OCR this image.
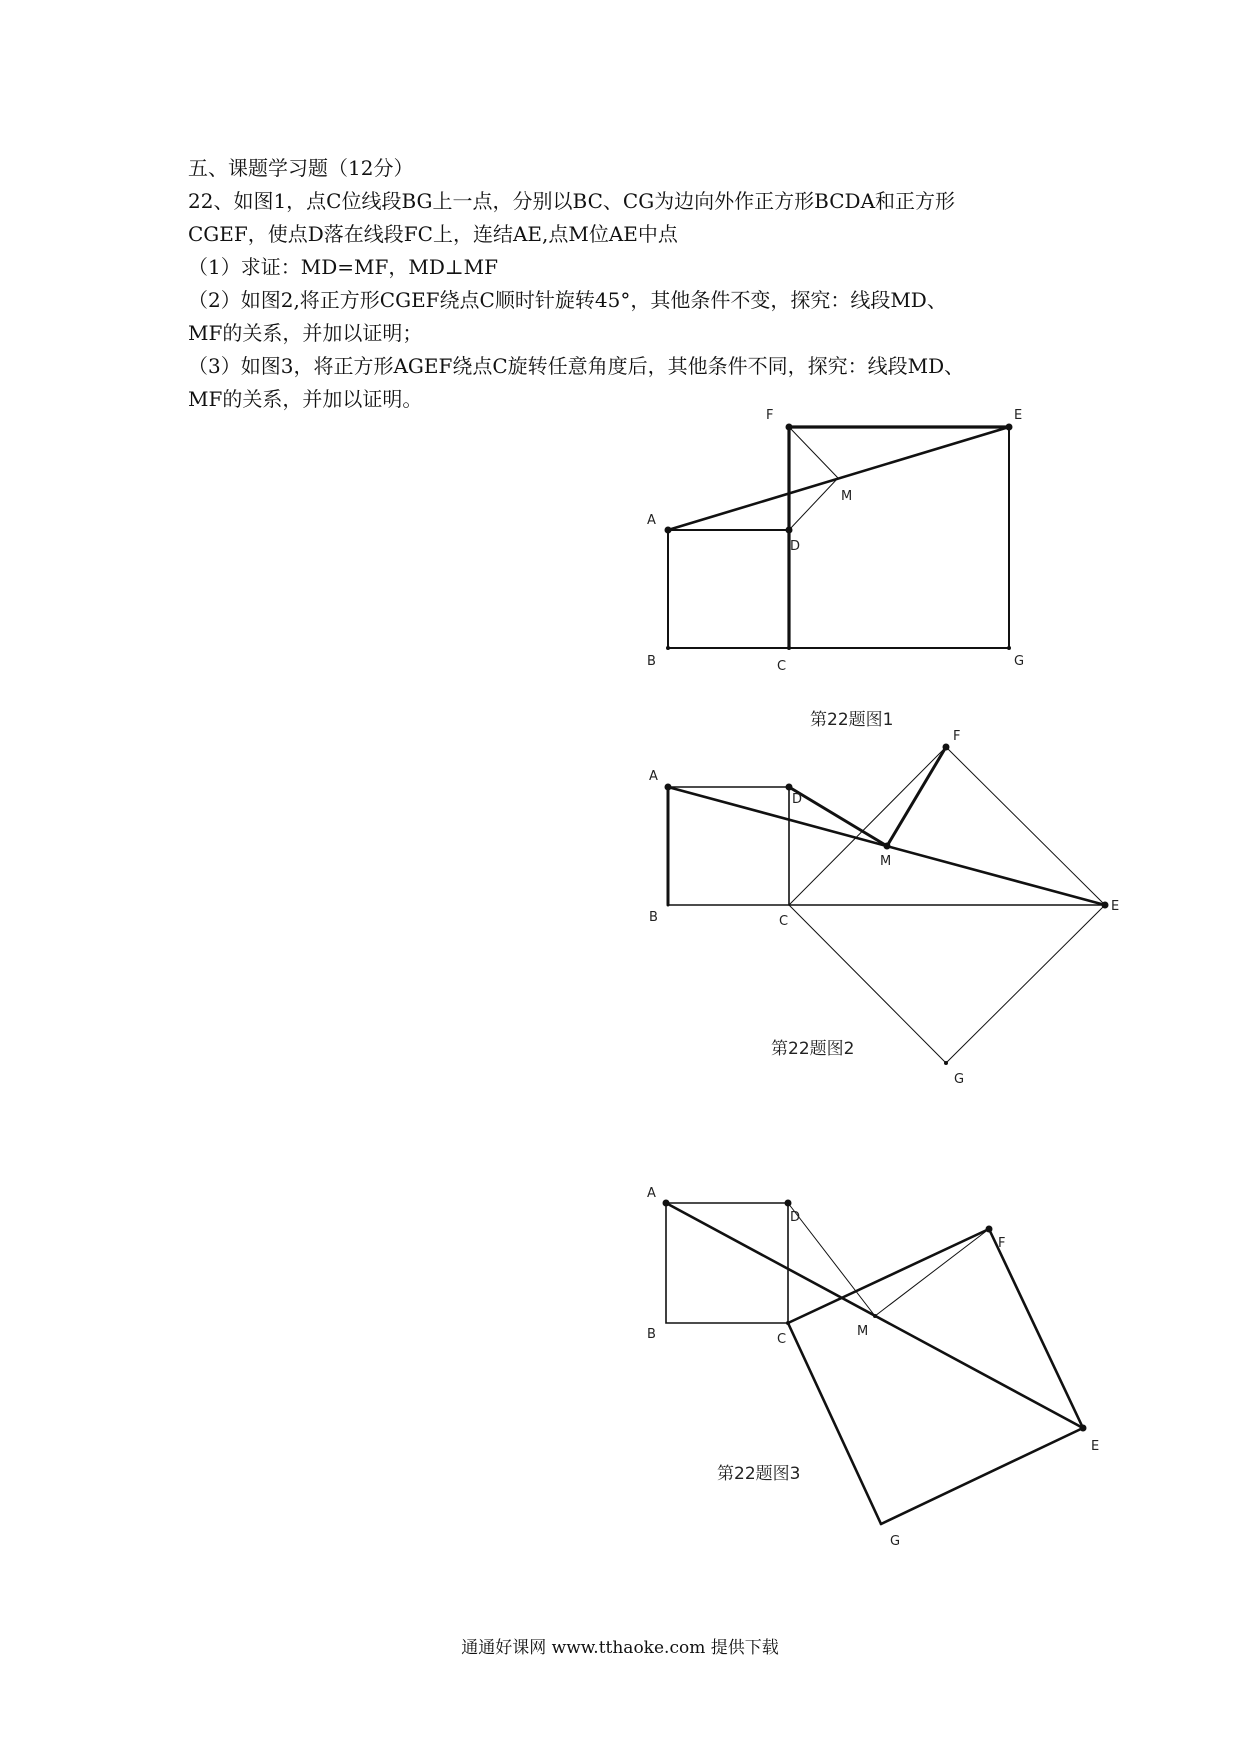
五、课题学习题（12分）

22、如图1，点C位线段BG上一点，分别以BC、CG为边向外作正方形BCDA和正方形

CGEF，使点D落在线段FC上，连结AE,点M位AE中点

（1）求证：MD=MF，MD⊥MF

（2）如图2,将正方形CGEF绕点C顺时针旋转45°，其他条件不变，探究：线段MD、

MF的关系，并加以证明；

（3）如图3，将正方形AGEF绕点C旋转任意角度后，其他条件不同，探究：线段MD、

MF的关系，并加以证明。

A
B	C
D
E
F
G
M
第22题图1
A
B	C
D
E
F
G
M
第22题图2
A
B	C
D
E
F
G
M
第22题图3
通通好课网 www.tthaoke.com 提供下载
